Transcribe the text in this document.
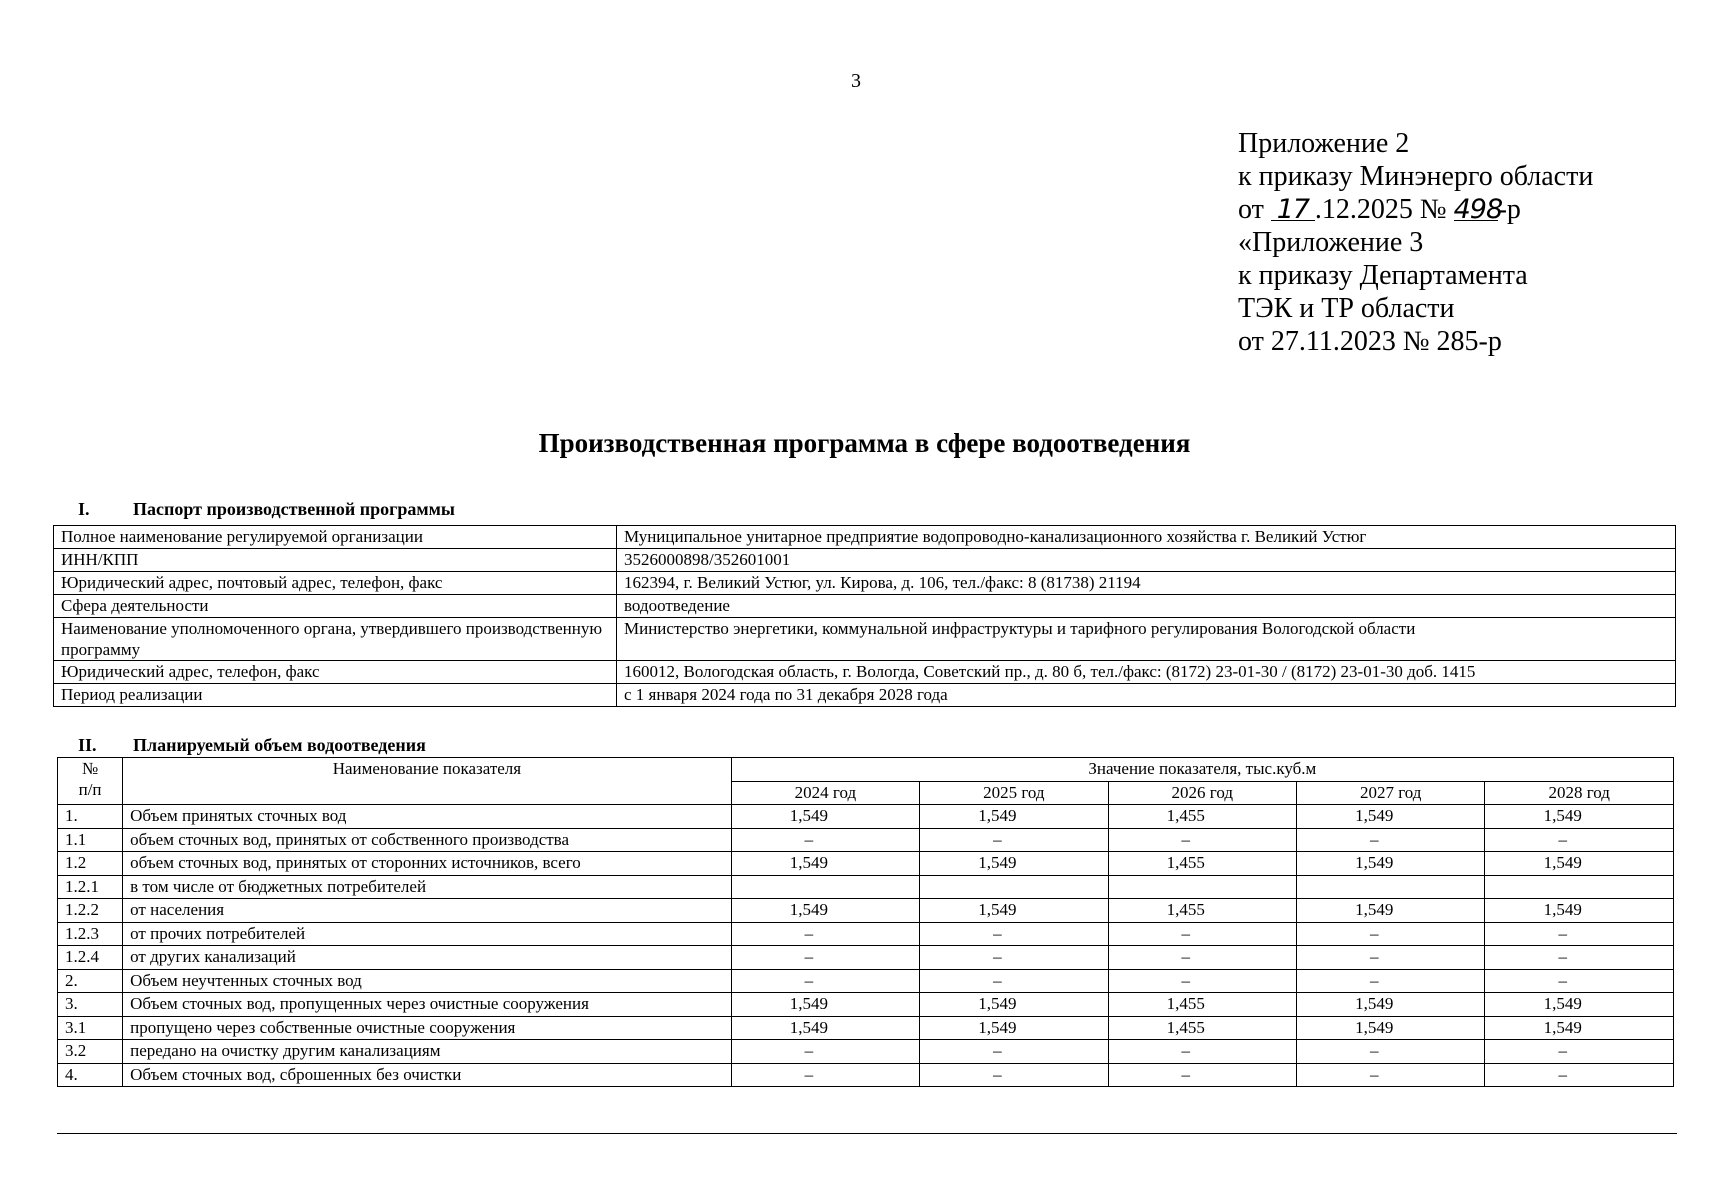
3
Приложение 2
к приказу Минэнерго области
от 17 .12.2025 № 498-р
«Приложение 3
к приказу Департамента
ТЭК и ТР области
от 27.11.2023 № 285-р
Производственная программа в сфере водоотведения
I. Паспорт производственной программы
Полное наименование регулируемой организации	Муниципальное унитарное предприятие водопроводно-канализационного хозяйства г. Великий Устюг
ИНН/КПП	3526000898/352601001
Юридический адрес, почтовый адрес, телефон, факс	162394, г. Великий Устюг, ул. Кирова, д. 106, тел./факс: 8 (81738) 21194
Сфера деятельности	водоотведение
Наименование уполномоченного органа, утвердившего производственную программу	Министерство энергетики, коммунальной инфраструктуры и тарифного регулирования Вологодской области
Юридический адрес, телефон, факс	160012, Вологодская область, г. Вологда, Советский пр., д. 80 б, тел./факс: (8172) 23-01-30 / (8172) 23-01-30 доб. 1415
Период реализации	с 1 января 2024 года по 31 декабря 2028 года
II. Планируемый объем водоотведения
№
п/п	Наименование показателя	Значение показателя, тыс.куб.м				
		2024 год	2025 год	2026 год	2027 год	2028 год
1.	Объем принятых сточных вод	1,549	1,549	1,455	1,549	1,549
1.1	объем сточных вод, принятых от собственного производства	–	–	–	–	–
1.2	объем сточных вод, принятых от сторонних источников, всего	1,549	1,549	1,455	1,549	1,549
1.2.1	в том числе от бюджетных потребителей					
1.2.2	от населения	1,549	1,549	1,455	1,549	1,549
1.2.3	от прочих потребителей	–	–	–	–	–
1.2.4	от других канализаций	–	–	–	–	–
2.	Объем неучтенных сточных вод	–	–	–	–	–
3.	Объем сточных вод, пропущенных через очистные сооружения	1,549	1,549	1,455	1,549	1,549
3.1	пропущено через собственные очистные сооружения	1,549	1,549	1,455	1,549	1,549
3.2	передано на очистку другим канализациям	–	–	–	–	–
4.	Объем сточных вод, сброшенных без очистки	–	–	–	–	–
